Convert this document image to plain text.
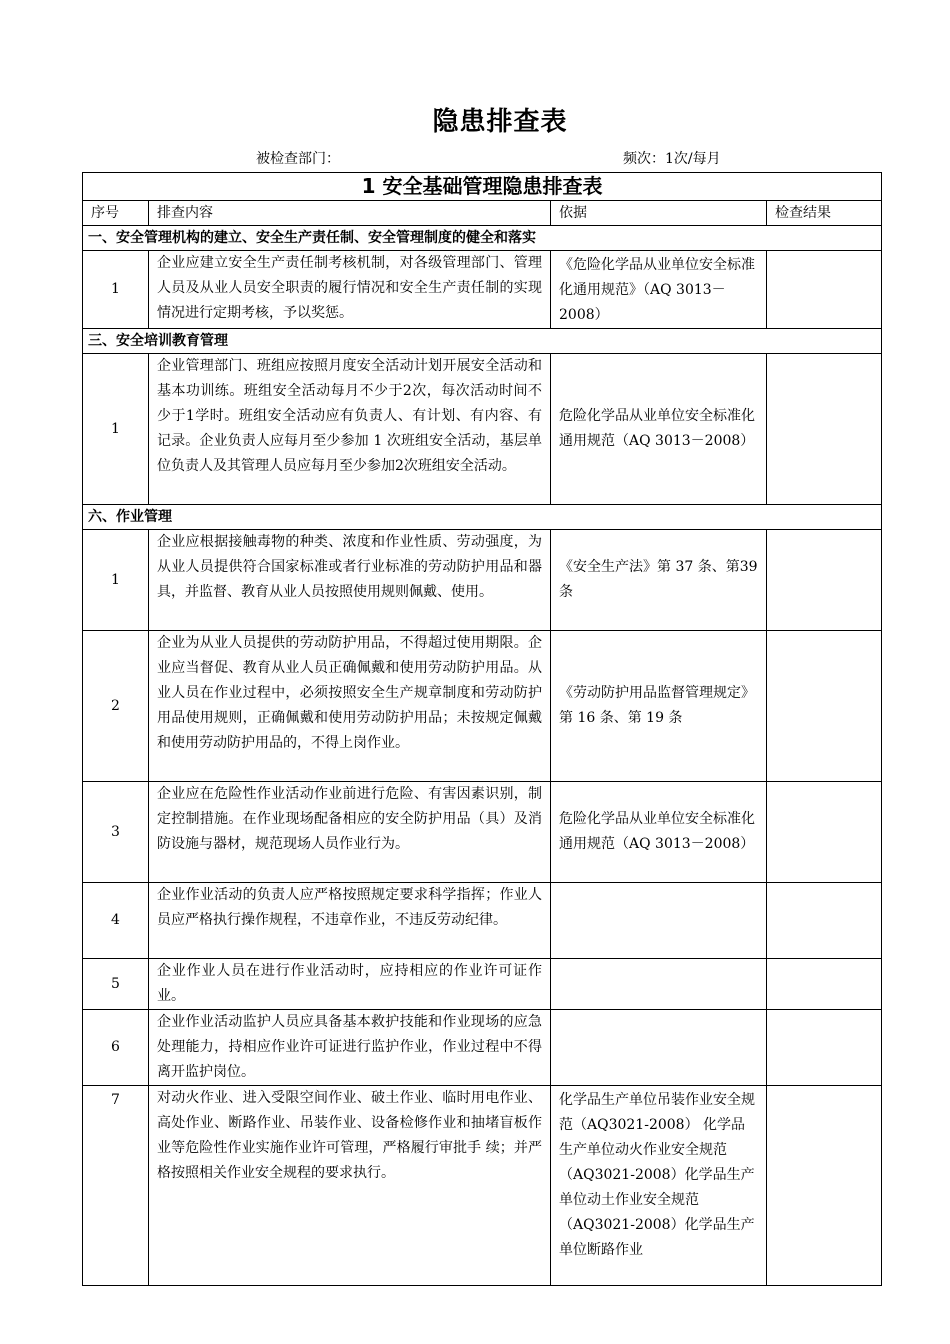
隐患排查表
被检查部门：	频次：1次/每月
1 安全基础管理隐患排查表			
序号	排查内容	依据	检查结果
一、安全管理机构的建立、安全生产责任制、安全管理制度的健全和落实			
1	企业应建立安全生产责任制考核机制，对各级管理部门、管理人员及从业人员安全职责的履行情况和安全生产责任制的实现情况进行定期考核，予以奖惩。	《危险化学品从业单位安全标准化通用规范》（AQ 3013－2008）	
三、安全培训教育管理			
1	企业管理部门、班组应按照月度安全活动计划开展安全活动和基本功训练。班组安全活动每月不少于2次，每次活动时间不少于1学时。班组安全活动应有负责人、有计划、有内容、有记录。企业负责人应每月至少参加 1 次班组安全活动，基层单位负责人及其管理人员应每月至少参加2次班组安全活动。	危险化学品从业单位安全标准化通用规范（AQ 3013－2008）	
六、作业管理			
1	企业应根据接触毒物的种类、浓度和作业性质、劳动强度，为从业人员提供符合国家标准或者行业标准的劳动防护用品和器具，并监督、教育从业人员按照使用规则佩戴、使用。	《安全生产法》第 37 条、第39条	
2	企业为从业人员提供的劳动防护用品，不得超过使用期限。企业应当督促、教育从业人员正确佩戴和使用劳动防护用品。从业人员在作业过程中，必须按照安全生产规章制度和劳动防护用品使用规则，正确佩戴和使用劳动防护用品；未按规定佩戴和使用劳动防护用品的，不得上岗作业。	《劳动防护用品监督管理规定》第 16 条、第 19 条	
3	企业应在危险性作业活动作业前进行危险、有害因素识别，制定控制措施。在作业现场配备相应的安全防护用品（具）及消防设施与器材，规范现场人员作业行为。	危险化学品从业单位安全标准化通用规范（AQ 3013－2008）	
4	企业作业活动的负责人应严格按照规定要求科学指挥；作业人员应严格执行操作规程，不违章作业，不违反劳动纪律。		
5	企业作业人员在进行作业活动时，应持相应的作业许可证作业。		
6	企业作业活动监护人员应具备基本救护技能和作业现场的应急处理能力，持相应作业许可证进行监护作业，作业过程中不得离开监护岗位。		
7	对动火作业、进入受限空间作业、破土作业、临时用电作业、高处作业、断路作业、吊装作业、设备检修作业和抽堵盲板作业等危险性作业实施作业许可管理，严格履行审批手 续；并严格按照相关作业安全规程的要求执行。	化学品生产单位吊装作业安全规范（AQ3021-2008） 化学品生产单位动火作业安全规范（AQ3021-2008）化学品生产单位动土作业安全规范（AQ3021-2008）化学品生产单位断路作业	
